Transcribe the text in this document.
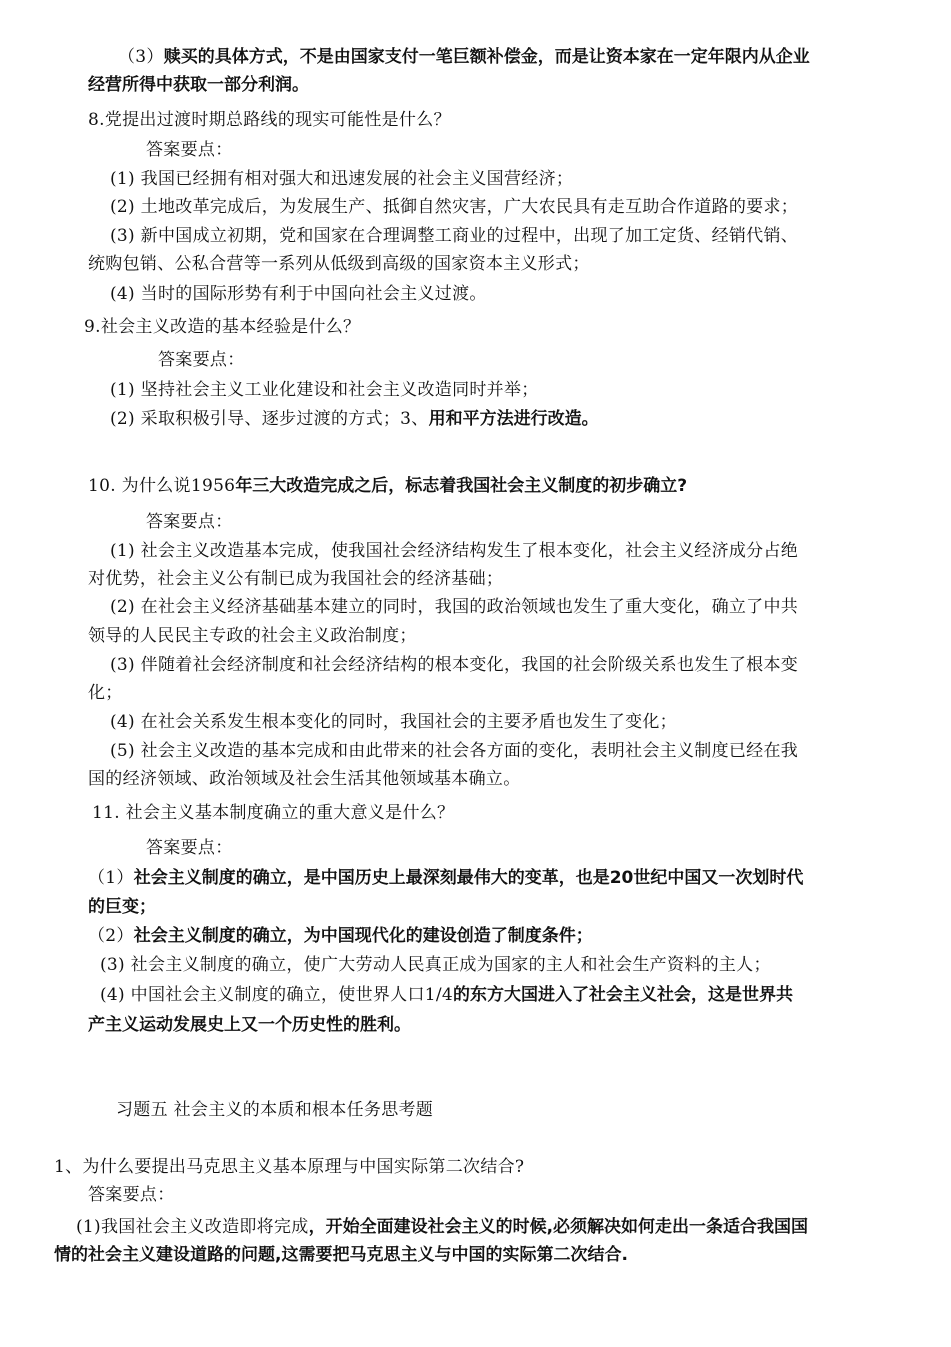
（3）赎买的具体方式，不是由国家支付一笔巨额补偿金，而是让资本家在一定年限内从企业
经营所得中获取一部分利润。
8.党提出过渡时期总路线的现实可能性是什么？
答案要点：
(1) 我国已经拥有相对强大和迅速发展的社会主义国营经济；
(2) 土地改革完成后，为发展生产、抵御自然灾害，广大农民具有走互助合作道路的要求；
(3) 新中国成立初期，党和国家在合理调整工商业的过程中，出现了加工定货、经销代销、
统购包销、公私合营等一系列从低级到高级的国家资本主义形式；
(4) 当时的国际形势有利于中国向社会主义过渡。
9.社会主义改造的基本经验是什么？
答案要点：
(1) 坚持社会主义工业化建设和社会主义改造同时并举；
(2) 采取积极引导、逐步过渡的方式；3、用和平方法进行改造。
10. 为什么说1956年三大改造完成之后，标志着我国社会主义制度的初步确立?
答案要点：
(1) 社会主义改造基本完成，使我国社会经济结构发生了根本变化，社会主义经济成分占绝
对优势，社会主义公有制已成为我国社会的经济基础；
(2) 在社会主义经济基础基本建立的同时，我国的政治领域也发生了重大变化，确立了中共
领导的人民民主专政的社会主义政治制度；
(3) 伴随着社会经济制度和社会经济结构的根本变化，我国的社会阶级关系也发生了根本变
化；
(4) 在社会关系发生根本变化的同时，我国社会的主要矛盾也发生了变化；
(5) 社会主义改造的基本完成和由此带来的社会各方面的变化，表明社会主义制度已经在我
国的经济领域、政治领域及社会生活其他领域基本确立。
11. 社会主义基本制度确立的重大意义是什么？
答案要点：
（1）社会主义制度的确立，是中国历史上最深刻最伟大的变革，也是20世纪中国又一次划时代
的巨变；
（2）社会主义制度的确立，为中国现代化的建设创造了制度条件；
(3) 社会主义制度的确立，使广大劳动人民真正成为国家的主人和社会生产资料的主人；
(4) 中国社会主义制度的确立，使世界人口1/4的东方大国进入了社会主义社会，这是世界共
产主义运动发展史上又一个历史性的胜利。
习题五 社会主义的本质和根本任务思考题
1、为什么要提出马克思主义基本原理与中国实际第二次结合?
答案要点：
(1)我国社会主义改造即将完成，开始全面建设社会主义的时候,必须解决如何走出一条适合我国国
情的社会主义建设道路的问题,这需要把马克思主义与中国的实际第二次结合.
